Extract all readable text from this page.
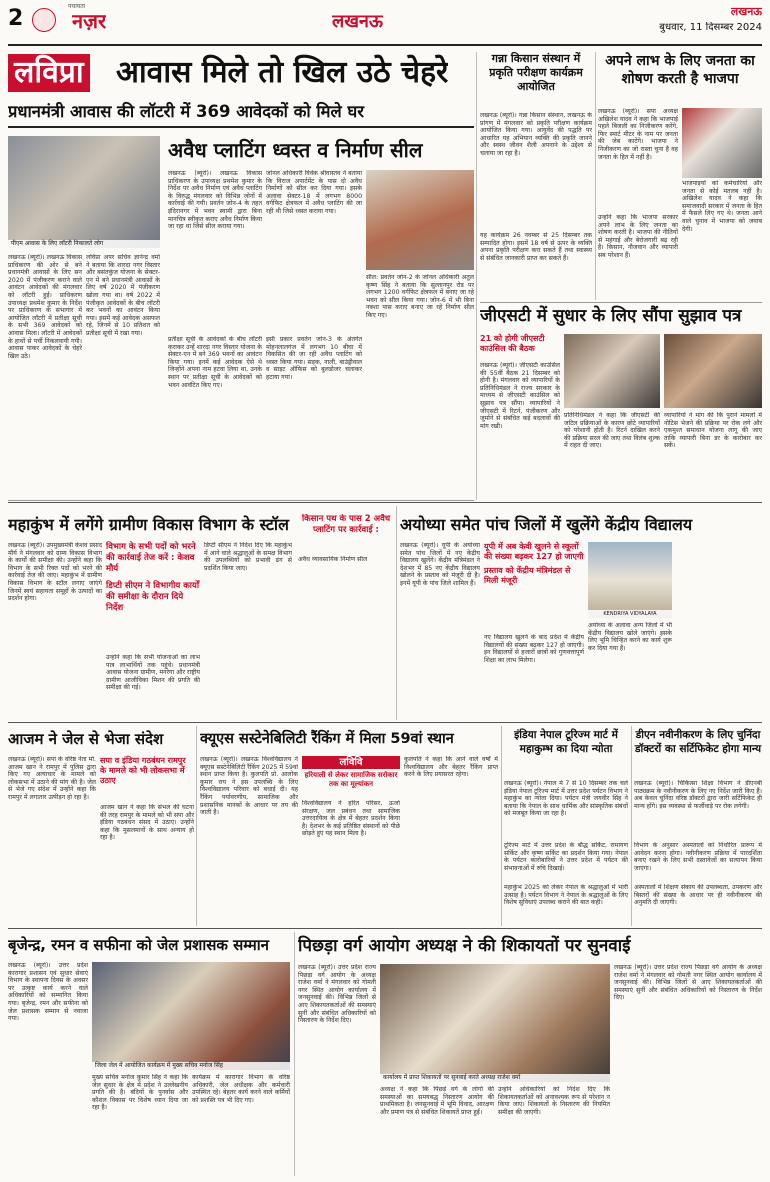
2	पंचायती
नज़र	लखनऊ	लखनऊ
बुधवार, 11 दिसम्बर 2024
लविप्रा आवास मिले तो खिल उठे चेहरे
प्रधानमंत्री आवास की लॉटरी में 369 आवेदकों को मिले घर
पीएम आवास के लिए लॉटरी निकालते लोग
अवैध प्लाटिंग ध्वस्त व निर्माण सील
लखनऊ (ब्यूरो)। लखनऊ विकास प्राधिकरण के उपाध्यक्ष प्रथमेश कुमार के निर्देश पर अवैध निर्माण एवं अवैध प्लाटिंग के विरुद्ध मंगलवार को विभिन्न जोनों में कार्रवाई की गयी। प्रवर्तन जोन-4 के तहत इंदिरानगर में भवन स्वामी द्वारा बिना मानचित्र स्वीकृत कराए अवैध निर्माण किया जा रहा था जिसे सील कराया गया।
जोनल अधिकारी विवेक श्रीवास्तव ने बताया कि विराज अपार्टमेंट के पास दो अवैध निर्माणों को सील कर दिया गया। इसके अलावा सेक्टर-18 में लगभग 8000 वर्गफिट क्षेत्रफल में अवैध प्लाटिंग की जा रही थी जिसे ध्वस्त कराया गया।
लखनऊ (ब्यूरो)। लखनऊ विकास प्राधिकरण की ओर से बने प्रधानमंत्री आवासों के लिए सन 2020 में पंजीकरण कराने वाले आवंटन आवेदकों की मंगलवार को लॉटरी हुई। प्राधिकरण उपाध्यक्ष प्रथमेश कुमार के निर्देश पर प्राधिकरण के सभागार में आयोजित लॉटरी में प्रतीक्षा सूची के सभी 369 आवेदकों को आवास मिला। लॉटरी में आवेदकों के हाथों से पर्ची निकलवायी गयी। आवास पाकर आवेदकों के चेहरे खिल उठे।
लविप्रा अपर सचिव ज्ञानेन्द्र वर्मा ने बताया कि शारदा नगर विस्तार और बसंतकुंज योजना के सेक्टर-एन में बने प्रधानमंत्री आवासों के लिए वर्ष 2020 में पंजीकरण खोला गया था। वर्ष 2022 में पंजीकृत आवेदकों के बीच लॉटरी कर भवनों का आवंटन किया गया। इसमें कई आवेदक असफल रहे, जिनमें से 10 प्रतिशत को प्रतीक्षा सूची में रखा गया।
प्रतीक्षा सूची के आवेदकों के बीच लॉटरी कराकर उन्हें शारदा नगर विस्तार योजना के सेक्टर-एन में बने 369 भवनों का आवंटन किया गया। इनमें कई आवेदक ऐसे थे जिन्होंने अपना नाम हटवा लिया था, उनके स्थान पर प्रतीक्षा सूची के आवेदकों को भवन आवंटित किए गए।
इसी प्रकार प्रवर्तन जोन-3 के अंतर्गत मोहनलालगंज में लगभग 10 बीघा में विकसित की जा रही अवैध प्लाटिंग को ध्वस्त किया गया। सड़क, नाली, बाउंड्रीवाल व साइट ऑफिस को बुलडोजर चलाकर हटाया गया।
सील: प्रवर्तन जोन-2 के जोनल अधिकारी अतुल कृष्ण सिंह ने बताया कि सुल्तानपुर रोड पर लगभग 1200 वर्गफिट क्षेत्रफल में बनाए जा रहे भवन को सील किया गया। जोन-6 में भी बिना नक्शा पास कराए बनाए जा रहे निर्माण सील किए गए।
गन्ना किसान संस्थान में प्रकृति परीक्षण कार्यक्रम आयोजित
लखनऊ (ब्यूरो)। गन्ना किसान संस्थान, लखनऊ के प्रांगण में मंगलवार को प्रकृति परीक्षण कार्यक्रम आयोजित किया गया। आयुर्वेद की पद्धति पर आधारित यह अभियान व्यक्ति की प्रकृति जानने और स्वस्थ जीवन शैली अपनाने के उद्देश्य से चलाया जा रहा है।
यह कार्यक्रम 26 नवम्बर से 25 दिसम्बर तक सम्पादित होगा। इसमें 18 वर्ष से ऊपर के व्यक्ति अपना प्रकृति परीक्षण करा सकते हैं तथा स्वास्थ्य से संबंधित जानकारी प्राप्त कर सकते हैं।
अपने लाभ के लिए जनता का शोषण करती है भाजपा
लखनऊ (ब्यूरो)। सपा अध्यक्ष अखिलेश यादव ने कहा कि भाजपाई पहले बिजली का निजीकरण करेंगे, फिर स्मार्ट मीटर के नाम पर जनता की जेब काटेंगे। भाजपा ने निजीकरण का जो रास्ता चुना है वह जनता के हित में नहीं है।
भाजपाइयों को कर्मचारियों और जनता से कोई मतलब नहीं है। अखिलेश यादव ने कहा कि समाजवादी सरकार में जनता के हित में फैसले लिए गए थे। जनता आने वाले चुनाव में भाजपा को जवाब देगी।
उन्होंने कहा कि भाजपा सरकार अपने लाभ के लिए जनता का शोषण करती है। भाजपा की नीतियों से महंगाई और बेरोजगारी बढ़ रही है। किसान, नौजवान और व्यापारी सब परेशान हैं।
जीएसटी में सुधार के लिए सौंपा सुझाव पत्र
21 को होगी जीएसटी काउंसिल की बैठक
लखनऊ (ब्यूरो)। जीएसटी काउंसिल की 55वीं बैठक 21 दिसम्बर को होनी है। मंगलवार को व्यापारियों के प्रतिनिधिमंडल ने राज्य सरकार के माध्यम से जीएसटी काउंसिल को सुझाव पत्र सौंपा। व्यापारियों ने जीएसटी में रिटर्न, पंजीकरण और जुर्माने से संबंधित कई बदलावों की मांग रखी।
प्रतिनिधिमंडल ने कहा कि जीएसटी की जटिल प्रक्रियाओं के कारण छोटे व्यापारियों को परेशानी होती है। रिटर्न दाखिल करने की प्रक्रिया सरल की जाए तथा विलंब शुल्क में राहत दी जाए।
व्यापारियों ने मांग की कि पुराने मामलों में नोटिस भेजने की प्रक्रिया पर रोक लगे और एकमुश्त समाधान योजना लागू की जाए ताकि व्यापारी बिना डर के कारोबार कर सकें।
महाकुंभ में लगेंगे ग्रामीण विकास विभाग के स्टॉल
लखनऊ (ब्यूरो)। उपमुख्यमंत्री केशव प्रसाद मौर्य ने मंगलवार को ग्राम्य विकास विभाग के कार्यों की समीक्षा की। उन्होंने कहा कि विभाग के सभी रिक्त पदों को भरने की कार्रवाई तेज की जाए। महाकुंभ में ग्रामीण विकास विभाग के स्टॉल लगाए जाएंगे जिनमें स्वयं सहायता समूहों के उत्पादों का प्रदर्शन होगा।
विभाग के सभी पदों को भरने की कार्रवाई तेज करें : केशव मौर्य
डिप्टी सीएम ने विभागीय कार्यों की समीक्षा के दौरान दिये निर्देश
उन्होंने कहा कि सभी योजनाओं का लाभ पात्र लाभार्थियों तक पहुंचे। प्रधानमंत्री आवास योजना ग्रामीण, मनरेगा और राष्ट्रीय ग्रामीण आजीविका मिशन की प्रगति की समीक्षा की गई।
डिप्टी सीएम ने निर्देश दिए कि महाकुंभ में आने वाले श्रद्धालुओं के समक्ष विभाग की उपलब्धियों को प्रभावी ढंग से प्रदर्शित किया जाए।
किसान पथ के पास 2 अवैध प्लाटिंग पर कार्रवाई :
अवैध व्यावसायिक निर्माण सील
अयोध्या समेत पांच जिलों में खुलेंगे केंद्रीय विद्यालय
लखनऊ (ब्यूरो)। यूपी के अयोध्या समेत पांच जिलों में नए केंद्रीय विद्यालय खुलेंगे। केंद्रीय मंत्रिमंडल ने देशभर में 85 नए केंद्रीय विद्यालय खोलने के प्रस्ताव को मंजूरी दी है। इनमें यूपी के पांच जिले शामिल हैं।
यूपी में अब केवी खुलने से स्कूलों की संख्या बढ़कर 127 हो जाएगी
प्रस्ताव को केंद्रीय मंत्रिमंडल से मिली मंजूरी
नए विद्यालय खुलने के बाद प्रदेश में केंद्रीय विद्यालयों की संख्या बढ़कर 127 हो जाएगी। इन विद्यालयों से हजारों छात्रों को गुणवत्तापूर्ण शिक्षा का लाभ मिलेगा।
KENDRIYA VIDYALAYA
अयोध्या के अलावा अन्य जिलों में भी केंद्रीय विद्यालय खोले जाएंगे। इसके लिए भूमि चिन्हित करने का कार्य शुरू कर दिया गया है।
आजम ने जेल से भेजा संदेश
लखनऊ (ब्यूरो)। सपा के वरिष्ठ नेता मो. आजम खान ने रामपुर में पुलिस द्वारा किए गए अत्याचार के मामले को लोकसभा में उठाने की मांग की है। जेल से भेजे गए संदेश में उन्होंने कहा कि रामपुर में लगातार उत्पीड़न हो रहा है।
सपा व इंडिया गठबंधन रामपुर के मामले को भी लोकसभा में उठाए
आजम खान ने कहा कि संभल की घटना की तरह रामपुर के मामले को भी सपा और इंडिया गठबंधन संसद में उठाए। उन्होंने कहा कि मुसलमानों के साथ अन्याय हो रहा है।
क्यूएस सस्टेनेबिलिटी रैंकिंग में मिला 59वां स्थान
लखनऊ (ब्यूरो)। लखनऊ विश्वविद्यालय ने क्यूएस सस्टेनेबिलिटी रैंकिंग 2025 में 59वां स्थान प्राप्त किया है। कुलपति प्रो. आलोक कुमार राय ने इस उपलब्धि के लिए विश्वविद्यालय परिवार को बधाई दी। यह रैंकिंग पर्यावरणीय, सामाजिक और प्रशासनिक मानकों के आधार पर तय की जाती है।
लविवि
हरियाली से लेकर सामाजिक सरोकार तक का मूल्यांकन
विश्वविद्यालय ने हरित परिसर, ऊर्जा संरक्षण, जल प्रबंधन तथा सामाजिक उत्तरदायित्व के क्षेत्र में बेहतर प्रदर्शन किया है। देशभर के कई प्रतिष्ठित संस्थानों को पीछे छोड़ते हुए यह स्थान मिला है।
कुलपति ने कहा कि आने वाले वर्षों में विश्वविद्यालय और बेहतर रैंकिंग प्राप्त करने के लिए प्रयासरत रहेगा।
इंडिया नेपाल टूरिज्म मार्ट में महाकुम्भ का दिया न्योता
लखनऊ (ब्यूरो)। नेपाल में 7 से 10 दिसम्बर तक चले इंडिया नेपाल टूरिज्म मार्ट में उत्तर प्रदेश पर्यटन विभाग ने महाकुंभ का न्योता दिया। पर्यटन मंत्री जयवीर सिंह ने बताया कि नेपाल के साथ धार्मिक और सांस्कृतिक संबंधों को मजबूत किया जा रहा है।
टूरिज्म मार्ट में उत्तर प्रदेश के बौद्ध सर्किट, रामायण सर्किट और कृष्ण सर्किट का प्रदर्शन किया गया। नेपाल के पर्यटन कारोबारियों ने उत्तर प्रदेश में पर्यटन की संभावनाओं में रुचि दिखाई।
महाकुंभ 2025 को लेकर नेपाल के श्रद्धालुओं में भारी उत्साह है। पर्यटन विभाग ने नेपाल के श्रद्धालुओं के लिए विशेष सुविधाएं उपलब्ध कराने की बात कही।
डीएन नवीनीकरण के लिए चुनिंदा डॉक्टरों का सर्टिफिकेट होगा मान्य
लखनऊ (ब्यूरो)। चिकित्सा शिक्षा विभाग ने डीएनबी पाठ्यक्रम के नवीनीकरण के लिए नए निर्देश जारी किए हैं। अब केवल चुनिंदा वरिष्ठ डॉक्टरों द्वारा जारी सर्टिफिकेट ही मान्य होंगे। इस व्यवस्था से फर्जीवाड़े पर रोक लगेगी।
विभाग के अनुसार अस्पतालों को निर्धारित प्रारूप में आवेदन करना होगा। नवीनीकरण प्रक्रिया में पारदर्शिता बनाए रखने के लिए सभी दस्तावेजों का सत्यापन किया जाएगा।
अस्पतालों में शिक्षण संकाय की उपलब्धता, उपकरण और बिस्तरों की संख्या के आधार पर ही नवीनीकरण की अनुमति दी जाएगी।
बृजेन्द्र, रमन व सफीना को जेल प्रशासक सम्मान
लखनऊ (ब्यूरो)। उत्तर प्रदेश कारागार प्रशासन एवं सुधार सेवाएं विभाग के स्थापना दिवस के अवसर पर उत्कृष्ट कार्य करने वाले अधिकारियों को सम्मानित किया गया। बृजेन्द्र, रमन और सफीना को जेल प्रशासक सम्मान से नवाजा गया।
जिला जेल में आयोजित कार्यक्रम में मुख्य सचिव मनोज सिंह
मुख्य सचिव मनोज कुमार सिंह ने कहा कि जेल सुधार के क्षेत्र में प्रदेश ने उल्लेखनीय प्रगति की है। बंदियों के पुनर्वास और कौशल विकास पर विशेष ध्यान दिया जा रहा है।
कार्यक्रम में कारागार विभाग के वरिष्ठ अधिकारी, जेल अधीक्षक और कर्मचारी उपस्थित रहे। बेहतर कार्य करने वाले कर्मियों को प्रशस्ति पत्र भी दिए गए।
पिछड़ा वर्ग आयोग अध्यक्ष ने की शिकायतों पर सुनवाई
लखनऊ (ब्यूरो)। उत्तर प्रदेश राज्य पिछड़ा वर्ग आयोग के अध्यक्ष राजेश वर्मा ने मंगलवार को गोमती नगर स्थित आयोग कार्यालय में जनसुनवाई की। विभिन्न जिलों से आए शिकायतकर्ताओं की समस्याएं सुनीं और संबंधित अधिकारियों को निस्तारण के निर्देश दिए।
कार्यालय में प्राप्त शिकायतों पर सुनवाई करते अध्यक्ष राजेश वर्मा
अध्यक्ष ने कहा कि पिछड़े वर्ग के लोगों की समस्याओं का समयबद्ध निस्तारण आयोग की प्राथमिकता है। जनसुनवाई में भूमि विवाद, आरक्षण और प्रमाण पत्र से संबंधित शिकायतें प्राप्त हुईं।
उन्होंने अधिकारियों को निर्देश दिए कि शिकायतकर्ताओं को अनावश्यक रूप से परेशान न किया जाए। शिकायतों के निस्तारण की नियमित समीक्षा की जाएगी।
लखनऊ (ब्यूरो)। उत्तर प्रदेश राज्य पिछड़ा वर्ग आयोग के अध्यक्ष राजेश वर्मा ने मंगलवार को गोमती नगर स्थित आयोग कार्यालय में जनसुनवाई की। विभिन्न जिलों से आए शिकायतकर्ताओं की समस्याएं सुनीं और संबंधित अधिकारियों को निस्तारण के निर्देश दिए।
